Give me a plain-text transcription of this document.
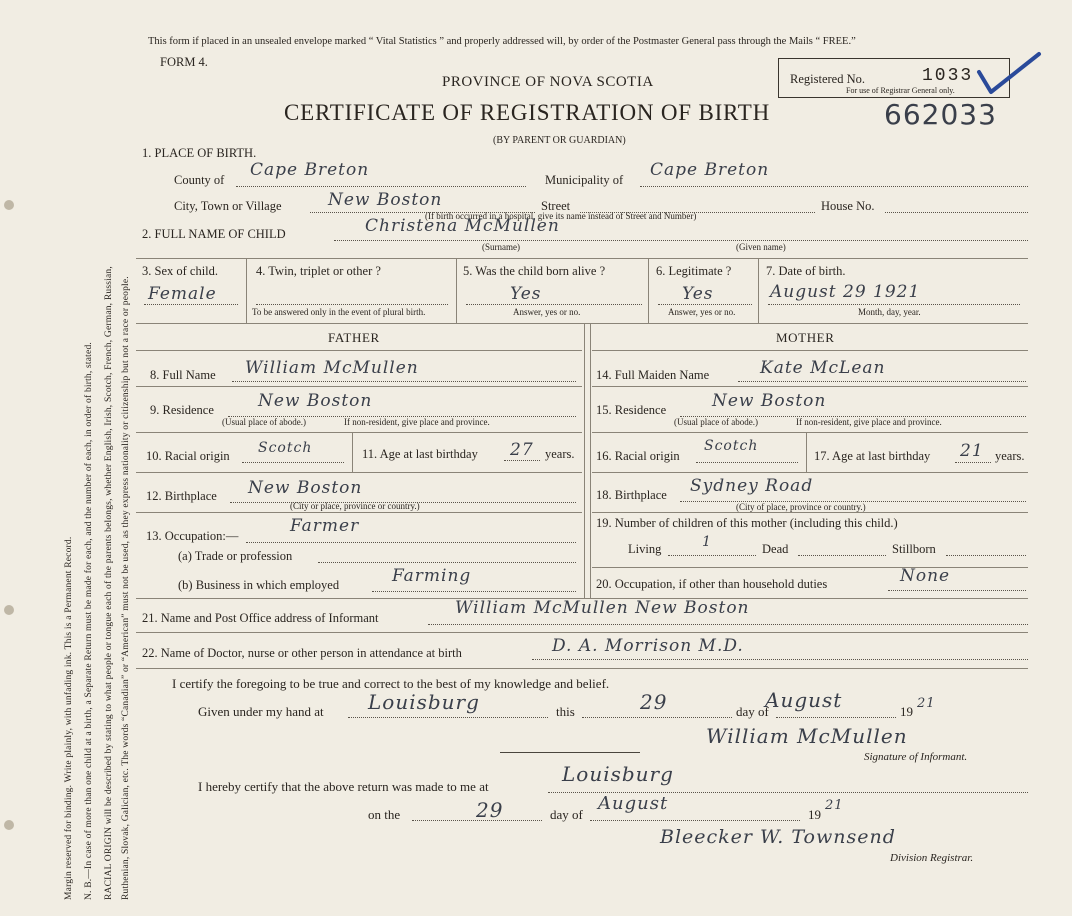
Margin reserved for binding. Write plainly, with unfading ink. This is a Permanent Record. N. B.—In case of more than one child at a birth, a Separate Return must be made for each, and the number of each, in order of birth, stated. RACIAL ORIGIN will be described by stating to what people or tongue each of the parents belongs, whether English, Irish, Scotch, French, German, Russian, Ruthenian, Slovak, Galician, etc. The words “Canadian” or “American” must not be used, as they express nationality or citizenship but not a race or people.
This form if placed in an unsealed envelope marked “ Vital Statistics ” and properly addressed will, by order of the Postmaster General pass through the Mails “ FREE.”
FORM 4.
PROVINCE OF NOVA SCOTIA
CERTIFICATE OF REGISTRATION OF BIRTH	662033
(BY PARENT OR GUARDIAN)
Registered No.	1033
For use of Registrar General only.
1. PLACE OF BIRTH.
County of Cape Breton	Municipality of Cape Breton
City, Town or Village	New Boston	Street	House No.
(If birth occurred in a hospital, give its name instead of Street and Number)
2. FULL NAME OF CHILD	Christena McMullen
(Surname)	(Given name)
3. Sex of child.
Female
4. Twin, triplet or other ?
To be answered only in the event of plural birth.
5. Was the child born alive ?
Yes
Answer, yes or no.
6. Legitimate ?
Yes
Answer, yes or no.
7. Date of birth.
August 29 1921
Month, day, year.
FATHER	MOTHER
8. Full Name William McMullen
9. Residence	New Boston
(Usual place of abode.)	If non-resident, give place and province.
10. Racial origin Scotch	11. Age at last birthday 27 years.
12. Birthplace New Boston
(City or place, province or country.)
13. Occupation:—	Farmer
(a) Trade or profession
(b) Business in which employed	Farming
14. Full Maiden Name	Kate McLean
15. Residence	New Boston
(Usual place of abode.)	If non-resident, give place and province.
16. Racial origin
Scotch
17. Age at last birthday 21 years.
18. Birthplace Sydney Road
(City of place, province or country.)
19. Number of children of this mother (including this child.)
Living	1	Dead	Stillborn
20. Occupation, if other than household duties	None
21. Name and Post Office address of Informant	William McMullen New Boston
22. Name of Doctor, nurse or other person in attendance at birth	D. A. Morrison M.D.
I certify the foregoing to be true and correct to the best of my knowledge and belief.
Given under my hand at Louisburg	this	29	day of
August	19
21
William McMullen
Signature of Informant.
I hereby certify that the above return was made to me at
Louisburg
on the	29	day of
August
19
21
Bleecker W. Townsend
Division Registrar.
